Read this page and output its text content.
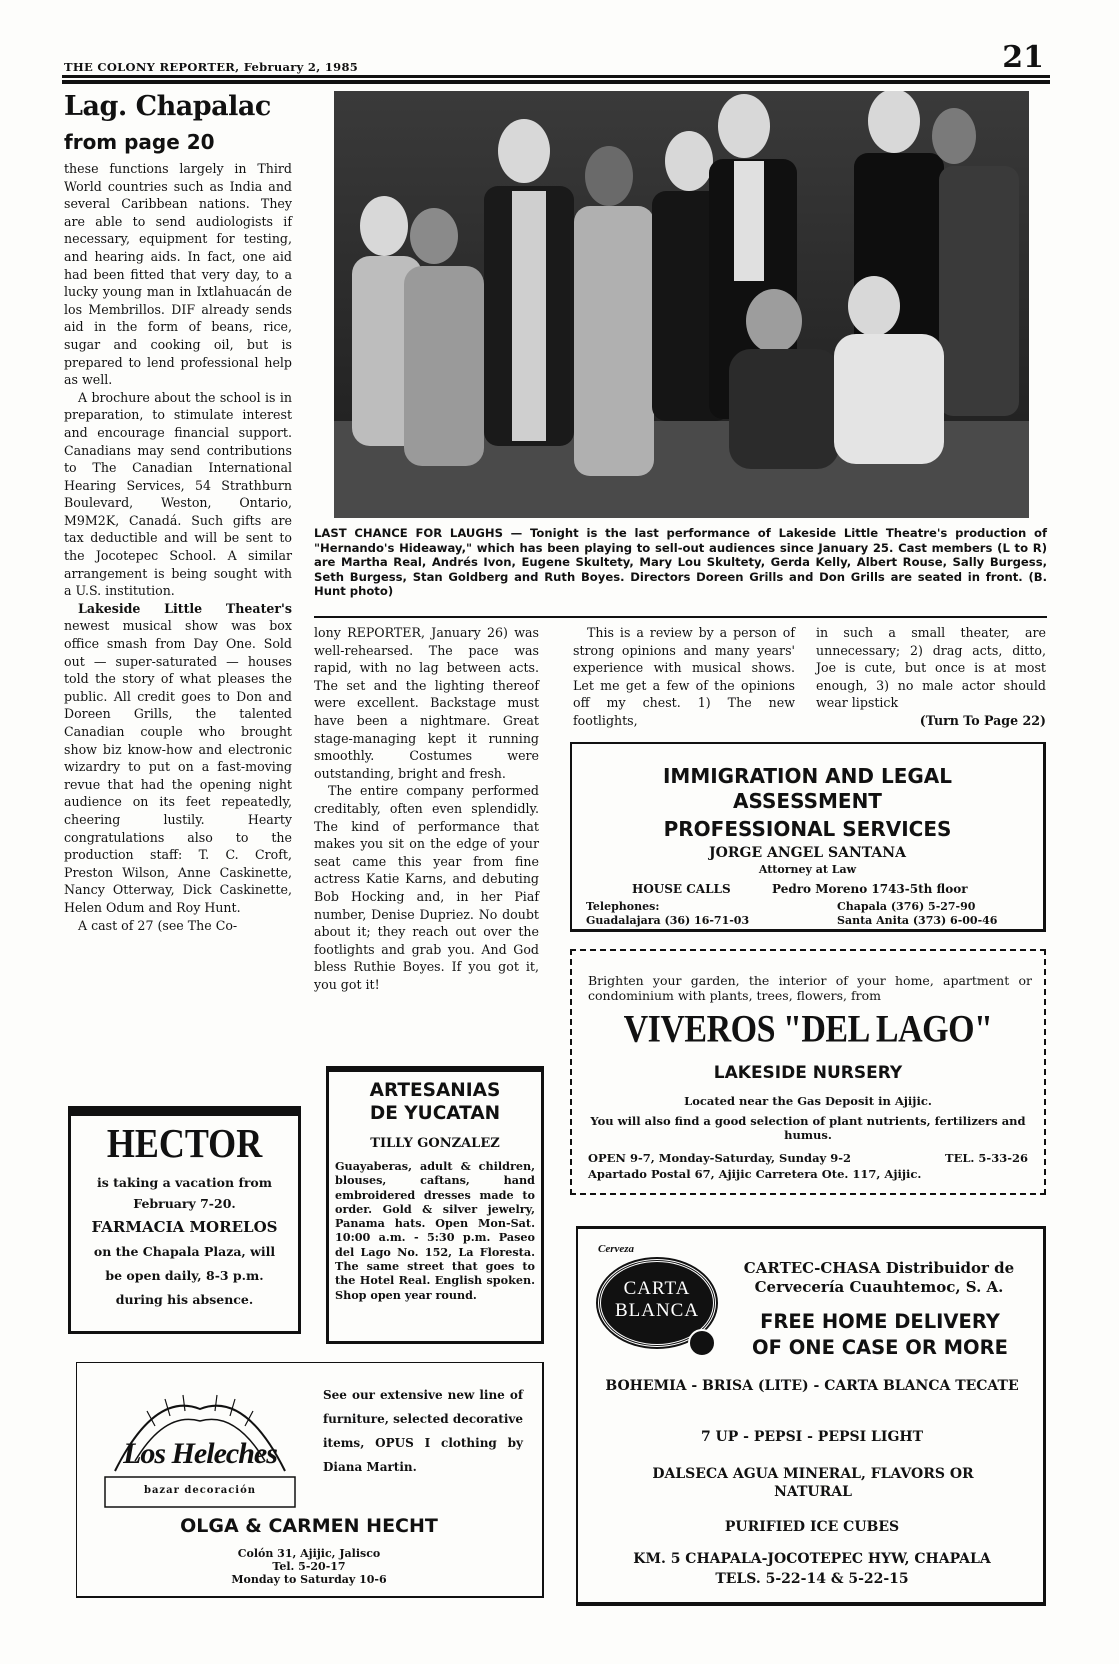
THE COLONY REPORTER, February 2, 1985	21
Lag. Chapalac
from page 20

these functions largely in Third World countries such as India and several Caribbean nations. They are able to send audiologists if necessary, equipment for testing, and hearing aids. In fact, one aid had been fitted that very day, to a lucky young man in Ixtlahuacán de los Membrillos. DIF already sends aid in the form of beans, rice, sugar and cooking oil, but is prepared to lend professional help as well.

A brochure about the school is in preparation, to stimulate interest and encourage financial support. Canadians may send contributions to The Canadian International Hearing Services, 54 Strathburn Boulevard, Weston, Ontario, M9M2K, Canadá. Such gifts are tax deductible and will be sent to the Jocotepec School. A similar arrangement is being sought with a U.S. institution.

Lakeside Little Theater's newest musical show was box office smash from Day One. Sold out — super-saturated — houses told the story of what pleases the public. All credit goes to Don and Doreen Grills, the talented Canadian couple who brought show biz know-how and electronic wizardry to put on a fast-moving revue that had the opening night audience on its feet repeatedly, cheering lustily. Hearty congratulations also to the production staff: T. C. Croft, Preston Wilson, Anne Caskinette, Nancy Otterway, Dick Caskinette, Helen Odum and Roy Hunt.

A cast of 27 (see The Co-

LAST CHANCE FOR LAUGHS — Tonight is the last performance of Lakeside Little Theatre's production of "Hernando's Hideaway," which has been playing to sell-out audiences since January 25. Cast members (L to R) are Martha Real, Andrés Ivon, Eugene Skultety, Mary Lou Skultety, Gerda Kelly, Albert Rouse, Sally Burgess, Seth Burgess, Stan Goldberg and Ruth Boyes. Directors Doreen Grills and Don Grills are seated in front. (B. Hunt photo)

lony REPORTER, January 26) was well-rehearsed. The pace was rapid, with no lag between acts. The set and the lighting thereof were excellent. Backstage must have been a nightmare. Great stage-managing kept it running smoothly. Costumes were outstanding, bright and fresh.

The entire company performed creditably, often even splendidly. The kind of performance that makes you sit on the edge of your seat came this year from fine actress Katie Karns, and debuting Bob Hocking and, in her Piaf number, Denise Dupriez. No doubt about it; they reach out over the footlights and grab you. And God bless Ruthie Boyes. If you got it, you got it!

This is a review by a person of strong opinions and many years' experience with musical shows. Let me get a few of the opinions off my chest. 1) The new footlights,

in such a small theater, are unnecessary; 2) drag acts, ditto, Joe is cute, but once is at most enough, 3) no male actor should wear lipstick

(Turn To Page 22)

IMMIGRATION AND LEGAL
ASSESSMENT
PROFESSIONAL SERVICES
JORGE ANGEL SANTANA
Attorney at Law
HOUSE CALLS	Pedro Moreno 1743-5th floor
Telephones:
Guadalajara (36) 16-71-03
Chapala (376) 5-27-90
Santa Anita (373) 6-00-46
Brighten your garden, the interior of your home, apartment or condominium with plants, trees, flowers, from
VIVEROS "DEL LAGO"
LAKESIDE NURSERY
Located near the Gas Deposit in Ajijic.
You will also find a good selection of plant nutrients, fertilizers and humus.
OPEN 9-7, Monday-Saturday, Sunday 9-2	TEL. 5-33-26
Apartado Postal 67, Ajijic Carretera Ote. 117, Ajijic.
HECTOR
is taking a vacation from
February 7-20.
FARMACIA MORELOS
on the Chapala Plaza, will
be open daily, 8-3 p.m.
during his absence.
ARTESANIAS
DE YUCATAN
TILLY GONZALEZ
Guayaberas, adult & children, blouses, caftans, hand embroidered dresses made to order. Gold & silver jewelry, Panama hats. Open Mon-Sat. 10:00 a.m. - 5:30 p.m. Paseo del Lago No. 152, La Floresta. The same street that goes to the Hotel Real. English spoken. Shop open year round.
Los Heleches
bazar decoración
See our extensive new line of furniture, selected decorative items, OPUS I clothing by Diana Martin.
OLGA & CARMEN HECHT
Colón 31, Ajijic, Jalisco
Tel. 5-20-17
Monday to Saturday 10-6
Cerveza
CARTA
BLANCA
CARTEC-CHASA Distribuidor de Cervecería Cuauhtemoc, S. A.
FREE HOME DELIVERY
OF ONE CASE OR MORE
BOHEMIA - BRISA (LITE) - CARTA BLANCA TECATE
7 UP - PEPSI - PEPSI LIGHT
DALSECA AGUA MINERAL, FLAVORS OR NATURAL
PURIFIED ICE CUBES
KM. 5 CHAPALA-JOCOTEPEC HYW, CHAPALA
TELS. 5-22-14 & 5-22-15
